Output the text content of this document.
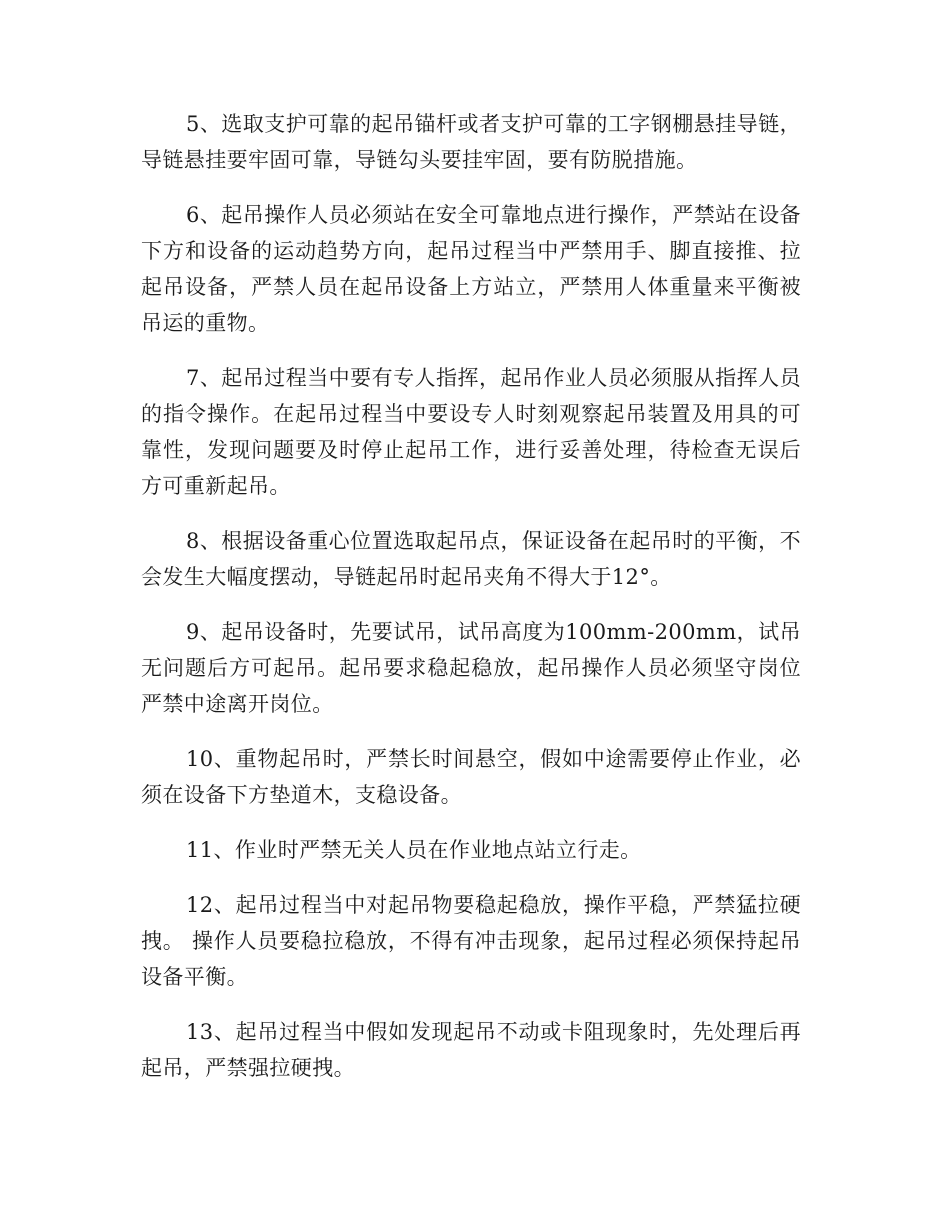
5、选取支护可靠的起吊锚杆或者支护可靠的工字钢棚悬挂导链，导链悬挂要牢固可靠，导链勾头要挂牢固，要有防脱措施。

6、起吊操作人员必须站在安全可靠地点进行操作，严禁站在设备下方和设备的运动趋势方向，起吊过程当中严禁用手、脚直接推、拉起吊设备，严禁人员在起吊设备上方站立，严禁用人体重量来平衡被吊运的重物。

7、起吊过程当中要有专人指挥，起吊作业人员必须服从指挥人员的指令操作。在起吊过程当中要设专人时刻观察起吊装置及用具的可靠性，发现问题要及时停止起吊工作，进行妥善处理，待检查无误后方可重新起吊。

8、根据设备重心位置选取起吊点，保证设备在起吊时的平衡，不会发生大幅度摆动，导链起吊时起吊夹角不得大于12°。

9、起吊设备时，先要试吊，试吊高度为100mm-200mm，试吊无问题后方可起吊。起吊要求稳起稳放，起吊操作人员必须坚守岗位严禁中途离开岗位。

10、重物起吊时，严禁长时间悬空，假如中途需要停止作业，必须在设备下方垫道木，支稳设备。

11、作业时严禁无关人员在作业地点站立行走。

12、起吊过程当中对起吊物要稳起稳放，操作平稳，严禁猛拉硬拽。 操作人员要稳拉稳放，不得有冲击现象，起吊过程必须保持起吊设备平衡。

13、起吊过程当中假如发现起吊不动或卡阻现象时，先处理后再起吊，严禁强拉硬拽。
